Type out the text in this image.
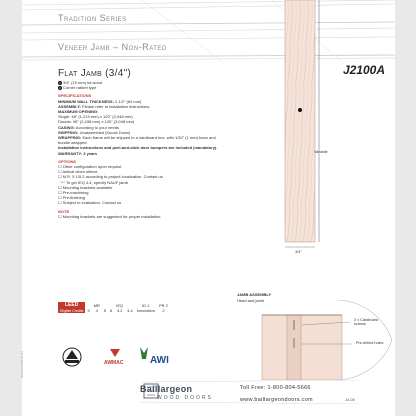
Tradition Series
Veneer Jamb – Non-Rated
J2100A
Flat Jamb (3/4")
1 3/4" (19 mm) kd wood
2 Corner rabbet type
SPECIFICATIONS
MINIMUM WALL THICKNESS: 2 1/2" (64 mm)
ASSEMBLY: Please refer to installation instructions
MAXIMUM OPENING:
Single: 48" (1,219 mm) x 120" (3,048 mm)
Double: 96" (2,438 mm) x 120" (3,048 mm)
CASING: According to your needs
SHIPPING: Unassembled (Knock Down)
WRAPPING: Each frame will be shipped in a cardboard box, with 1/32" (1 mm) foam and bundle wrapped.
Installation instructions and peel-and-stick door bumpers are included (mandatory).
WARRANTY: 3 years
OPTIONS
☐ Other configuration upon request
☐ Astical when sleeve
☐ M.R. 5 1/5.2 according to project localization. Contact us
*** To get IEQ 4.4, specify NAUF jamb
☐ Mounting brackets available
☐ Pre-machining
☐ Pre-finishing
☐ Subject to evaluation. Contact us
NOTE
☐ Mounting brackets are suggested for proper installation.
LEED		MR			IEQ		ID 1	PR 2
Eligible Credits	3	4	5	6	4.2	4.4	innovation	2
AWMAC	AWI
Variable
3/4"
JAMB ASSEMBLY
Head and jamb
2 x Cardboard screws
Pre-drilled holes
Baillargeon
WOOD DOORS
Toll Free: 1-800-804-5666
www.baillargeondoors.com	J4-00
Revised 2020-01-01
